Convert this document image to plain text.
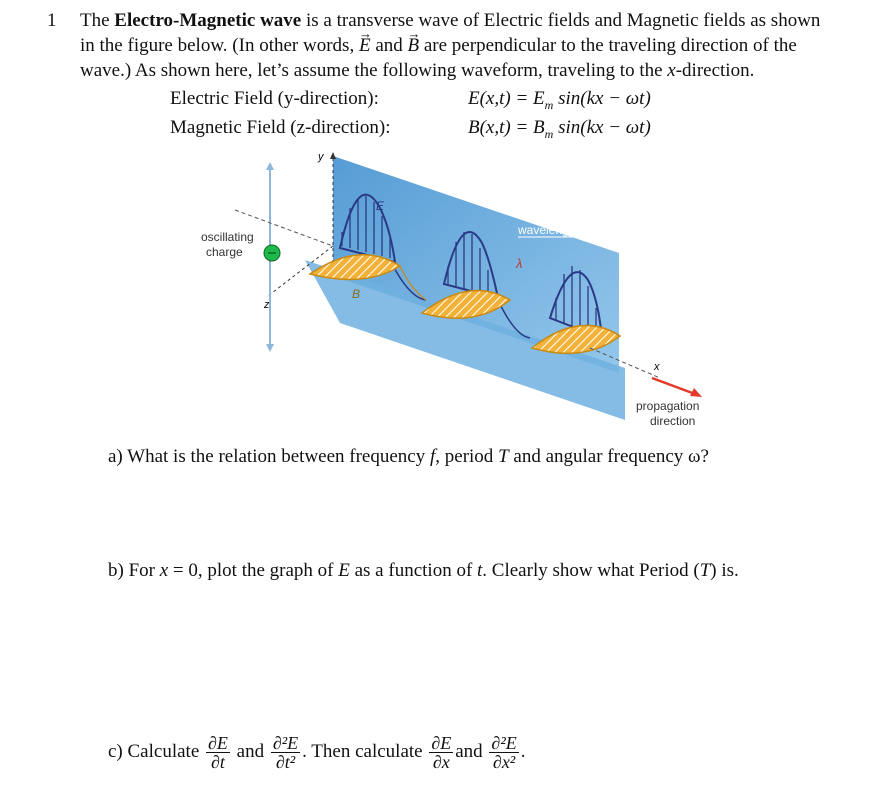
1 The Electro-Magnetic wave is a transverse wave of Electric fields and Magnetic fields as shown

in the figure below. (In other words, → E and → B are perpendicular to the traveling direction of the

wave.) As shown here, let’s assume the following waveform, traveling to the x-direction.

Electric Field (y-direction):	$E(x,t) = E_m$ sin(kx − ωt)
Magnetic Field (z-direction):	$B(x,t) = B_m$ sin(kx − ωt)
y
z
oscillating
charge
E
B
wavelength
λ
x
propagation
direction
a) What is the relation between frequency f, period T and angular frequency ω?
b) For x = 0, plot the graph of E as a function of t. Clearly show what Period (T) is.
c) Calculate $\frac{\partial E}{\partial t}$ and $\frac{\text{∂²E}}{\text{∂t²}}$ . Then calculate $\frac{\partial E}{\partial x}$ and $\frac{\text{∂²E}}{\text{∂x²}}$ .
